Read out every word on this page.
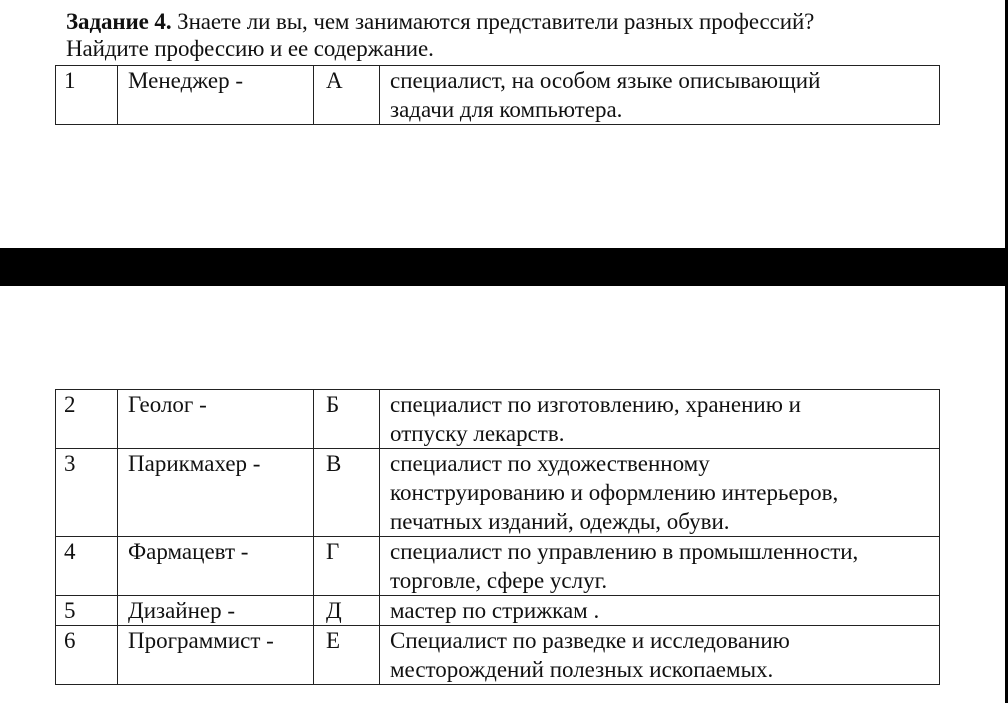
Задание 4. Знаете ли вы, чем занимаются представители разных профессий?
Найдите профессию и ее содержание.
1	Менеджер -	А	специалист, на особом языке описывающий
задачи для компьютера.
2	Геолог -	Б	специалист по изготовлению, хранению и
отпуску лекарств.

3	Парикмахер -	В	специалист по художественному
конструированию и оформлению интерьеров,
печатных изданий, одежды, обуви.

4	Фармацевт -	Г	специалист по управлению в промышленности,
торговле, сфере услуг.

5	Дизайнер -	Д	мастер по стрижкам .

6	Программист -	Е	Специалист по разведке и исследованию
месторождений полезных ископаемых.
